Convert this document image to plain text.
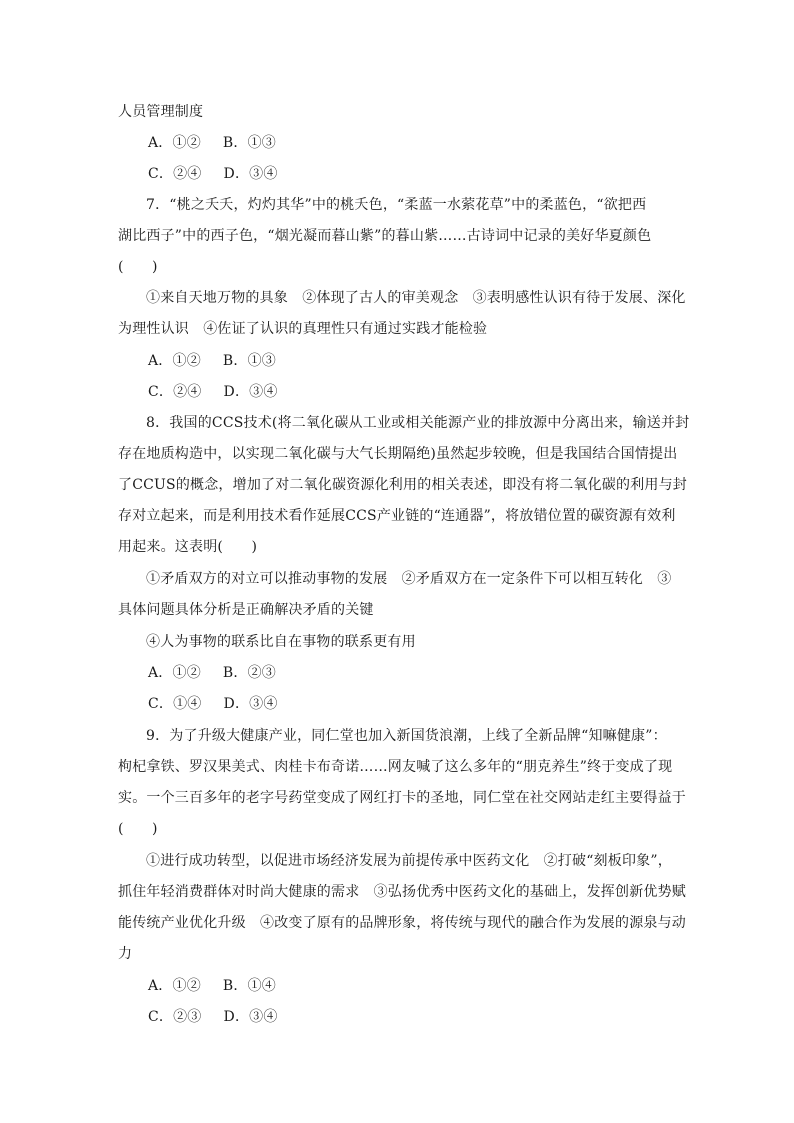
人员管理制度
A．①② B．①③
C．②④ D．③④
7．“桃之夭夭，灼灼其华”中的桃夭色，“柔蓝一水萦花草”中的柔蓝色，“欲把西
湖比西子”中的西子色，“烟光凝而暮山紫”的暮山紫……古诗词中记录的美好华夏颜色
(　　)
①来自天地万物的具象　②体现了古人的审美观念　③表明感性认识有待于发展、深化
为理性认识　④佐证了认识的真理性只有通过实践才能检验
A．①② B．①③
C．②④ D．③④
8．我国的CCS技术(将二氧化碳从工业或相关能源产业的排放源中分离出来，输送并封
存在地质构造中，以实现二氧化碳与大气长期隔绝)虽然起步较晚，但是我国结合国情提出
了CCUS的概念，增加了对二氧化碳资源化利用的相关表述，即没有将二氧化碳的利用与封
存对立起来，而是利用技术看作延展CCS产业链的“连通器”，将放错位置的碳资源有效利
用起来。这表明(　　)
①矛盾双方的对立可以推动事物的发展　②矛盾双方在一定条件下可以相互转化　③
具体问题具体分析是正确解决矛盾的关键
④人为事物的联系比自在事物的联系更有用
A．①② B．②③
C．①④ D．③④
9．为了升级大健康产业，同仁堂也加入新国货浪潮，上线了全新品牌“知嘛健康”：
枸杞拿铁、罗汉果美式、肉桂卡布奇诺……网友喊了这么多年的“朋克养生”终于变成了现
实。一个三百多年的老字号药堂变成了网红打卡的圣地，同仁堂在社交网站走红主要得益于
(　　)
①进行成功转型，以促进市场经济发展为前提传承中医药文化　②打破“刻板印象”，
抓住年轻消费群体对时尚大健康的需求　③弘扬优秀中医药文化的基础上，发挥创新优势赋
能传统产业优化升级　④改变了原有的品牌形象，将传统与现代的融合作为发展的源泉与动
力
A．①② B．①④
C．②③ D．③④
